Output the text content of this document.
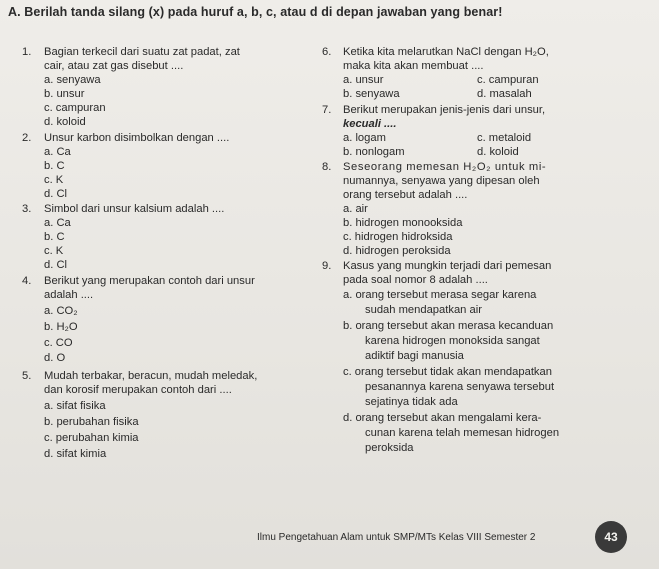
A. Berilah tanda silang (x) pada huruf a, b, c, atau d di depan jawaban yang benar!
1. Bagian terkecil dari suatu zat padat, zat
cair, atau zat gas disebut ....
a. senyawa
b. unsur
c. campuran
d. koloid
2. Unsur karbon disimbolkan dengan ....
a. Ca
b. C
c. K
d. Cl
3. Simbol dari unsur kalsium adalah ....
a. Ca
b. C
c. K
d. Cl
4. Berikut yang merupakan contoh dari unsur
adalah ....
a. CO₂
b. H₂O
c. CO
d. O
5. Mudah terbakar, beracun, mudah meledak,
dan korosif merupakan contoh dari ....
a. sifat fisika
b. perubahan fisika
c. perubahan kimia
d. sifat kimia
6. Ketika kita melarutkan NaCl dengan H₂O,
maka kita akan membuat ....
a. unsur	c. campuran
b. senyawa	d. masalah
7. Berikut merupakan jenis-jenis dari unsur,
kecuali ....
a. logam	c. metaloid
b. nonlogam	d. koloid
8. Seseorang memesan H₂O₂ untuk mi-
numannya, senyawa yang dipesan oleh
orang tersebut adalah ....
a. air
b. hidrogen monooksida
c. hidrogen hidroksida
d. hidrogen peroksida
9. Kasus yang mungkin terjadi dari pemesan
pada soal nomor 8 adalah ....
a. orang tersebut merasa segar karena
sudah mendapatkan air
b. orang tersebut akan merasa kecanduan
karena hidrogen monoksida sangat
adiktif bagi manusia
c. orang tersebut tidak akan mendapatkan
pesanannya karena senyawa tersebut
sejatinya tidak ada
d. orang tersebut akan mengalami kera-
cunan karena telah memesan hidrogen
peroksida
Ilmu Pengetahuan Alam untuk SMP/MTs Kelas VIII Semester 2	43
